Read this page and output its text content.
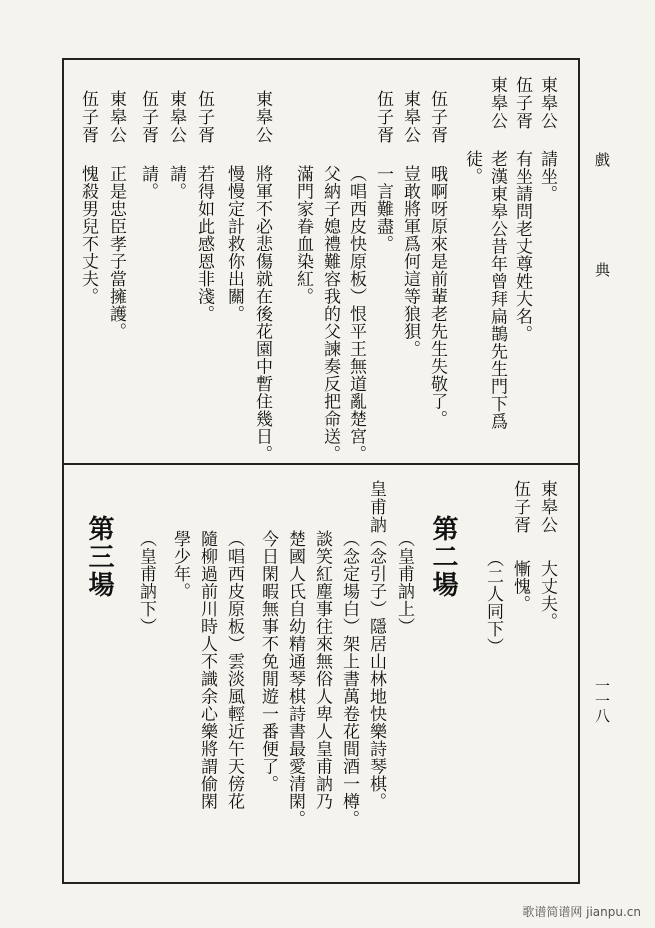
戲
典
一一八
東皋公
請坐。
伍子胥
有坐請問老丈尊姓大名。
東皋公
老漢東皋公昔年曾拜扁鵲先生門下爲
徒。
伍子胥
哦啊呀原來是前輩老先生失敬了。
東皋公
豈敢將軍爲何這等狼狽。
伍子胥
一言難盡。
（唱西皮快原板）恨平王無道亂楚宮。
父納子媳禮難容我的父諫奏反把命送。
滿門家眷血染紅。
東皋公
將軍不必悲傷就在後花園中暫住幾日。
慢慢定計救你出關。
伍子胥
若得如此感恩非淺。
東皋公
請。
伍子胥
請。
東皋公
正是忠臣孝子當擁護。
伍子胥
愧殺男兒不丈夫。
東皋公
大丈夫。
伍子胥
慚愧。
（二人同下）
第二場
（皇甫訥上）
皇甫訥
（念引子）隱居山林地快樂詩琴棋。
（念定場白）架上書萬卷花間酒一樽。
談笑紅塵事往來無俗人卑人皇甫訥乃
楚國人氏自幼精通琴棋詩書最愛清閑。
今日閑暇無事不免閒遊一番便了。
（唱西皮原板）雲淡風輕近午天傍花
隨柳過前川時人不識余心樂將謂偷閑
學少年。
（皇甫訥下）
第三場
歌谱简谱网 jianpu.cn
